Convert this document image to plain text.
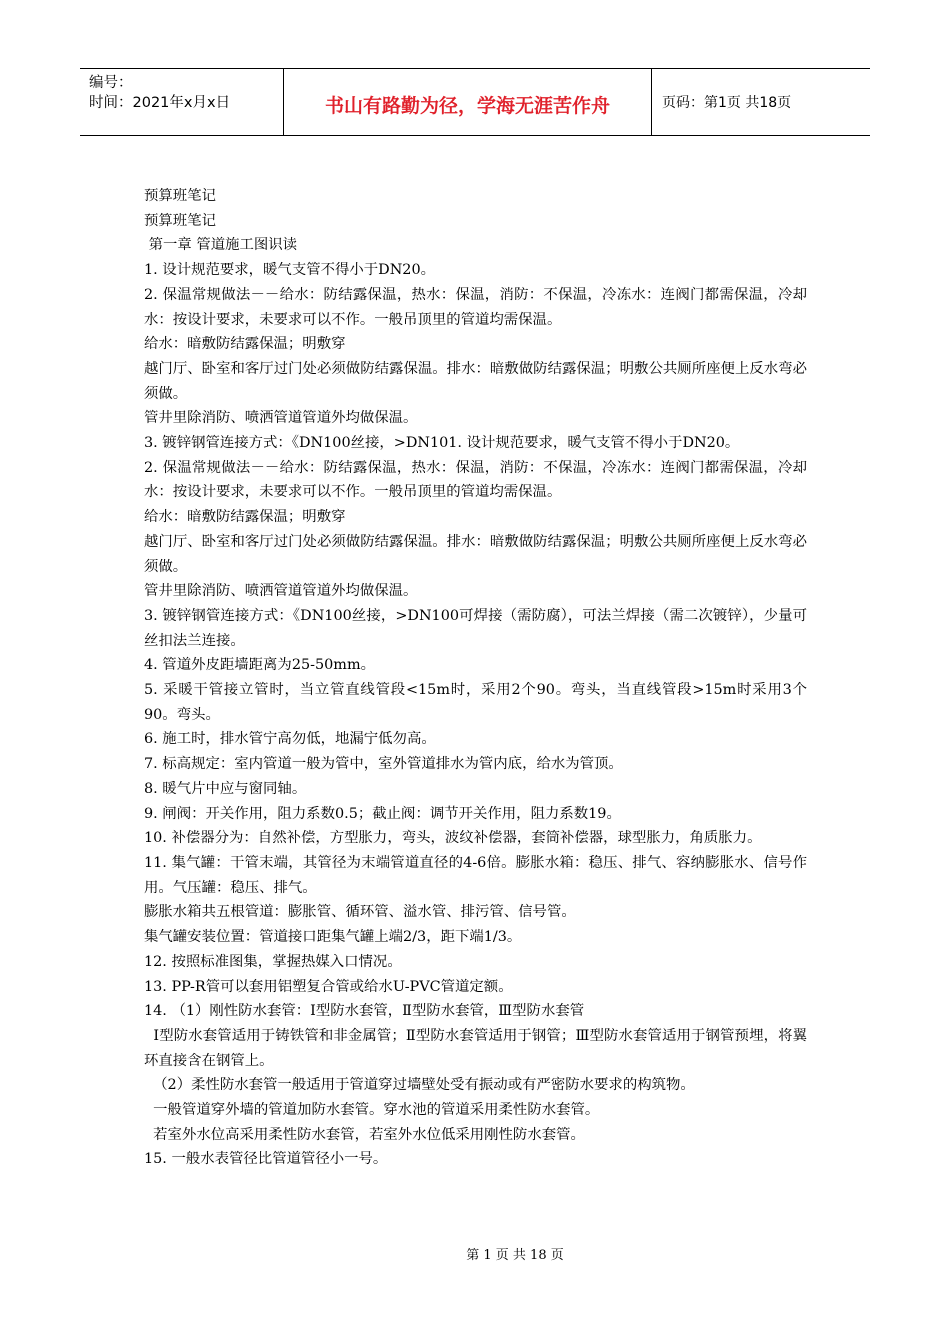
编号：
时间：2021年x月x日	书山有路勤为径，学海无涯苦作舟	页码：第1页 共18页

预算班笔记

预算班笔记

第一章 管道施工图识读

1. 设计规范要求，暖气支管不得小于DN20。

2. 保温常规做法－－给水：防结露保温，热水：保温，消防：不保温，冷冻水：连阀门都需保温，冷却水：按设计要求，未要求可以不作。一般吊顶里的管道均需保温。

给水：暗敷防结露保温；明敷穿

越门厅、卧室和客厅过门处必须做防结露保温。排水：暗敷做防结露保温；明敷公共厕所座便上反水弯必须做。

管井里除消防、喷洒管道管道外均做保温。

3. 镀锌钢管连接方式：《DN100丝接，>DN101. 设计规范要求，暖气支管不得小于DN20。

2. 保温常规做法－－给水：防结露保温，热水：保温，消防：不保温，冷冻水：连阀门都需保温，冷却水：按设计要求，未要求可以不作。一般吊顶里的管道均需保温。

给水：暗敷防结露保温；明敷穿

越门厅、卧室和客厅过门处必须做防结露保温。排水：暗敷做防结露保温；明敷公共厕所座便上反水弯必须做。

管井里除消防、喷洒管道管道外均做保温。

3. 镀锌钢管连接方式：《DN100丝接，>DN100可焊接（需防腐），可法兰焊接（需二次镀锌），少量可丝扣法兰连接。

4. 管道外皮距墙距离为25-50mm。

5. 采暖干管接立管时，当立管直线管段<15m时，采用2个90。弯头，当直线管段>15m时采用3个90。弯头。

6. 施工时，排水管宁高勿低，地漏宁低勿高。

7. 标高规定：室内管道一般为管中，室外管道排水为管内底，给水为管顶。

8. 暖气片中应与窗同轴。

9. 闸阀：开关作用，阻力系数0.5；截止阀：调节开关作用，阻力系数19。

10. 补偿器分为：自然补偿，方型胀力，弯头，波纹补偿器，套筒补偿器，球型胀力，角质胀力。

11. 集气罐：干管末端，其管径为末端管道直径的4-6倍。膨胀水箱：稳压、排气、容纳膨胀水、信号作用。气压罐：稳压、排气。

膨胀水箱共五根管道：膨胀管、循环管、溢水管、排污管、信号管。

集气罐安装位置：管道接口距集气罐上端2/3，距下端1/3。

12. 按照标准图集，掌握热媒入口情况。

13. PP-R管可以套用铝塑复合管或给水U-PVC管道定额。

14. （1）刚性防水套管：Ⅰ型防水套管，Ⅱ型防水套管，Ⅲ型防水套管

Ⅰ型防水套管适用于铸铁管和非金属管；Ⅱ型防水套管适用于钢管；Ⅲ型防水套管适用于钢管预埋，将翼环直接含在钢管上。

（2）柔性防水套管一般适用于管道穿过墙壁处受有振动或有严密防水要求的构筑物。

一般管道穿外墙的管道加防水套管。穿水池的管道采用柔性防水套管。

若室外水位高采用柔性防水套管，若室外水位低采用刚性防水套管。

15. 一般水表管径比管道管径小一号。

第 1 页 共 18 页
